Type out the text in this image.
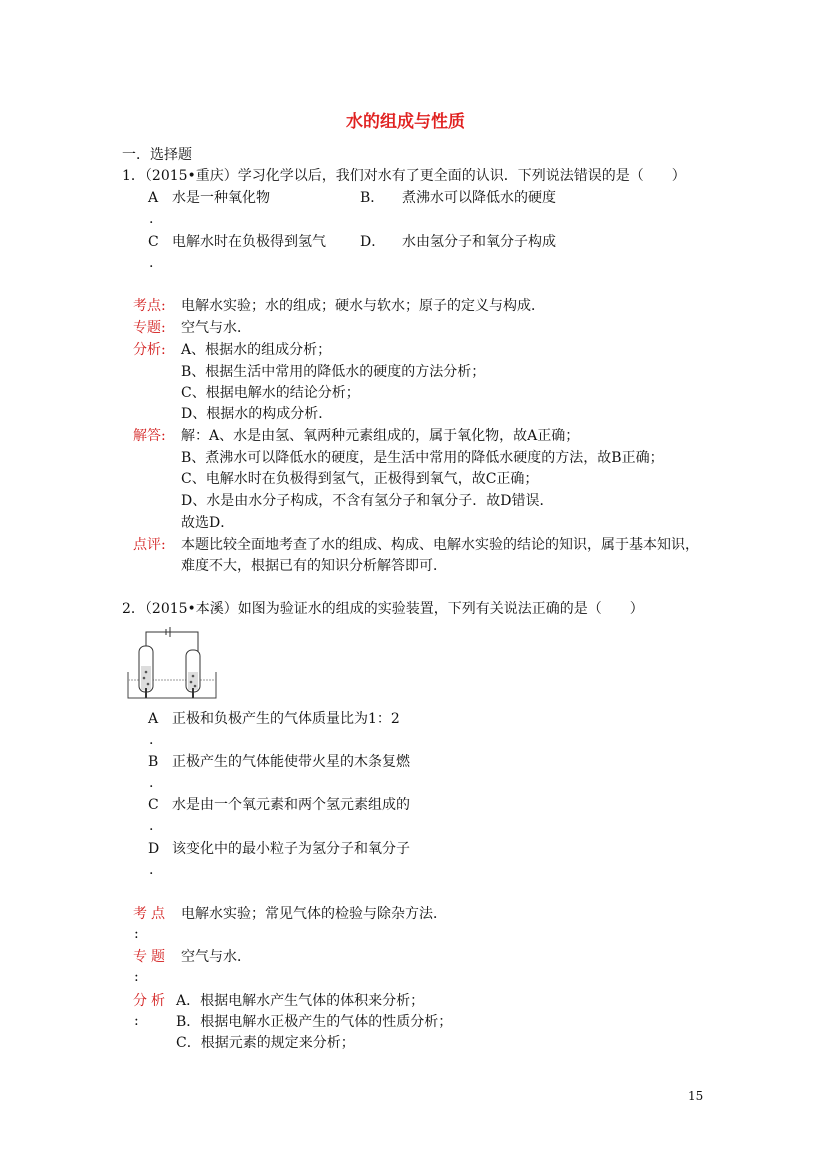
水的组成与性质
一．选择题
1．（2015•重庆）学习化学以后，我们对水有了更全面的认识．下列说法错误的是（　　）
A 水是一种氧化物
.
B． 煮沸水可以降低水的硬度
C 电解水时在负极得到氢气
.
D． 水由氢分子和氧分子构成
考点: 电解水实验；水的组成；硬水与软水；原子的定义与构成．
专题: 空气与水．
分析: A、根据水的组成分析；
B、根据生活中常用的降低水的硬度的方法分析；
C、根据电解水的结论分析；
D、根据水的构成分析．
解答: 解：A、水是由氢、氧两种元素组成的，属于氧化物，故A正确；
B、煮沸水可以降低水的硬度，是生活中常用的降低水硬度的方法，故B正确；
C、电解水时在负极得到氢气，正极得到氧气，故C正确；
D、水是由水分子构成，不含有氢分子和氧分子．故D错误．
故选D．
点评: 本题比较全面地考查了水的组成、构成、电解水实验的结论的知识，属于基本知识，
难度不大，根据已有的知识分析解答即可．
2．（2015•本溪）如图为验证水的组成的实验装置，下列有关说法正确的是（　　）
A 正极和负极产生的气体质量比为1：2
.
B 正极产生的气体能使带火星的木条复燃
.
C 水是由一个氧元素和两个氢元素组成的
.
D 该变化中的最小粒子为氢分子和氧分子
.
考点
:
电解水实验；常见气体的检验与除杂方法．
专题
:
空气与水．
分析
:
A．根据电解水产生气体的体积来分析；
B．根据电解水正极产生的气体的性质分析；
C．根据元素的规定来分析；
15
